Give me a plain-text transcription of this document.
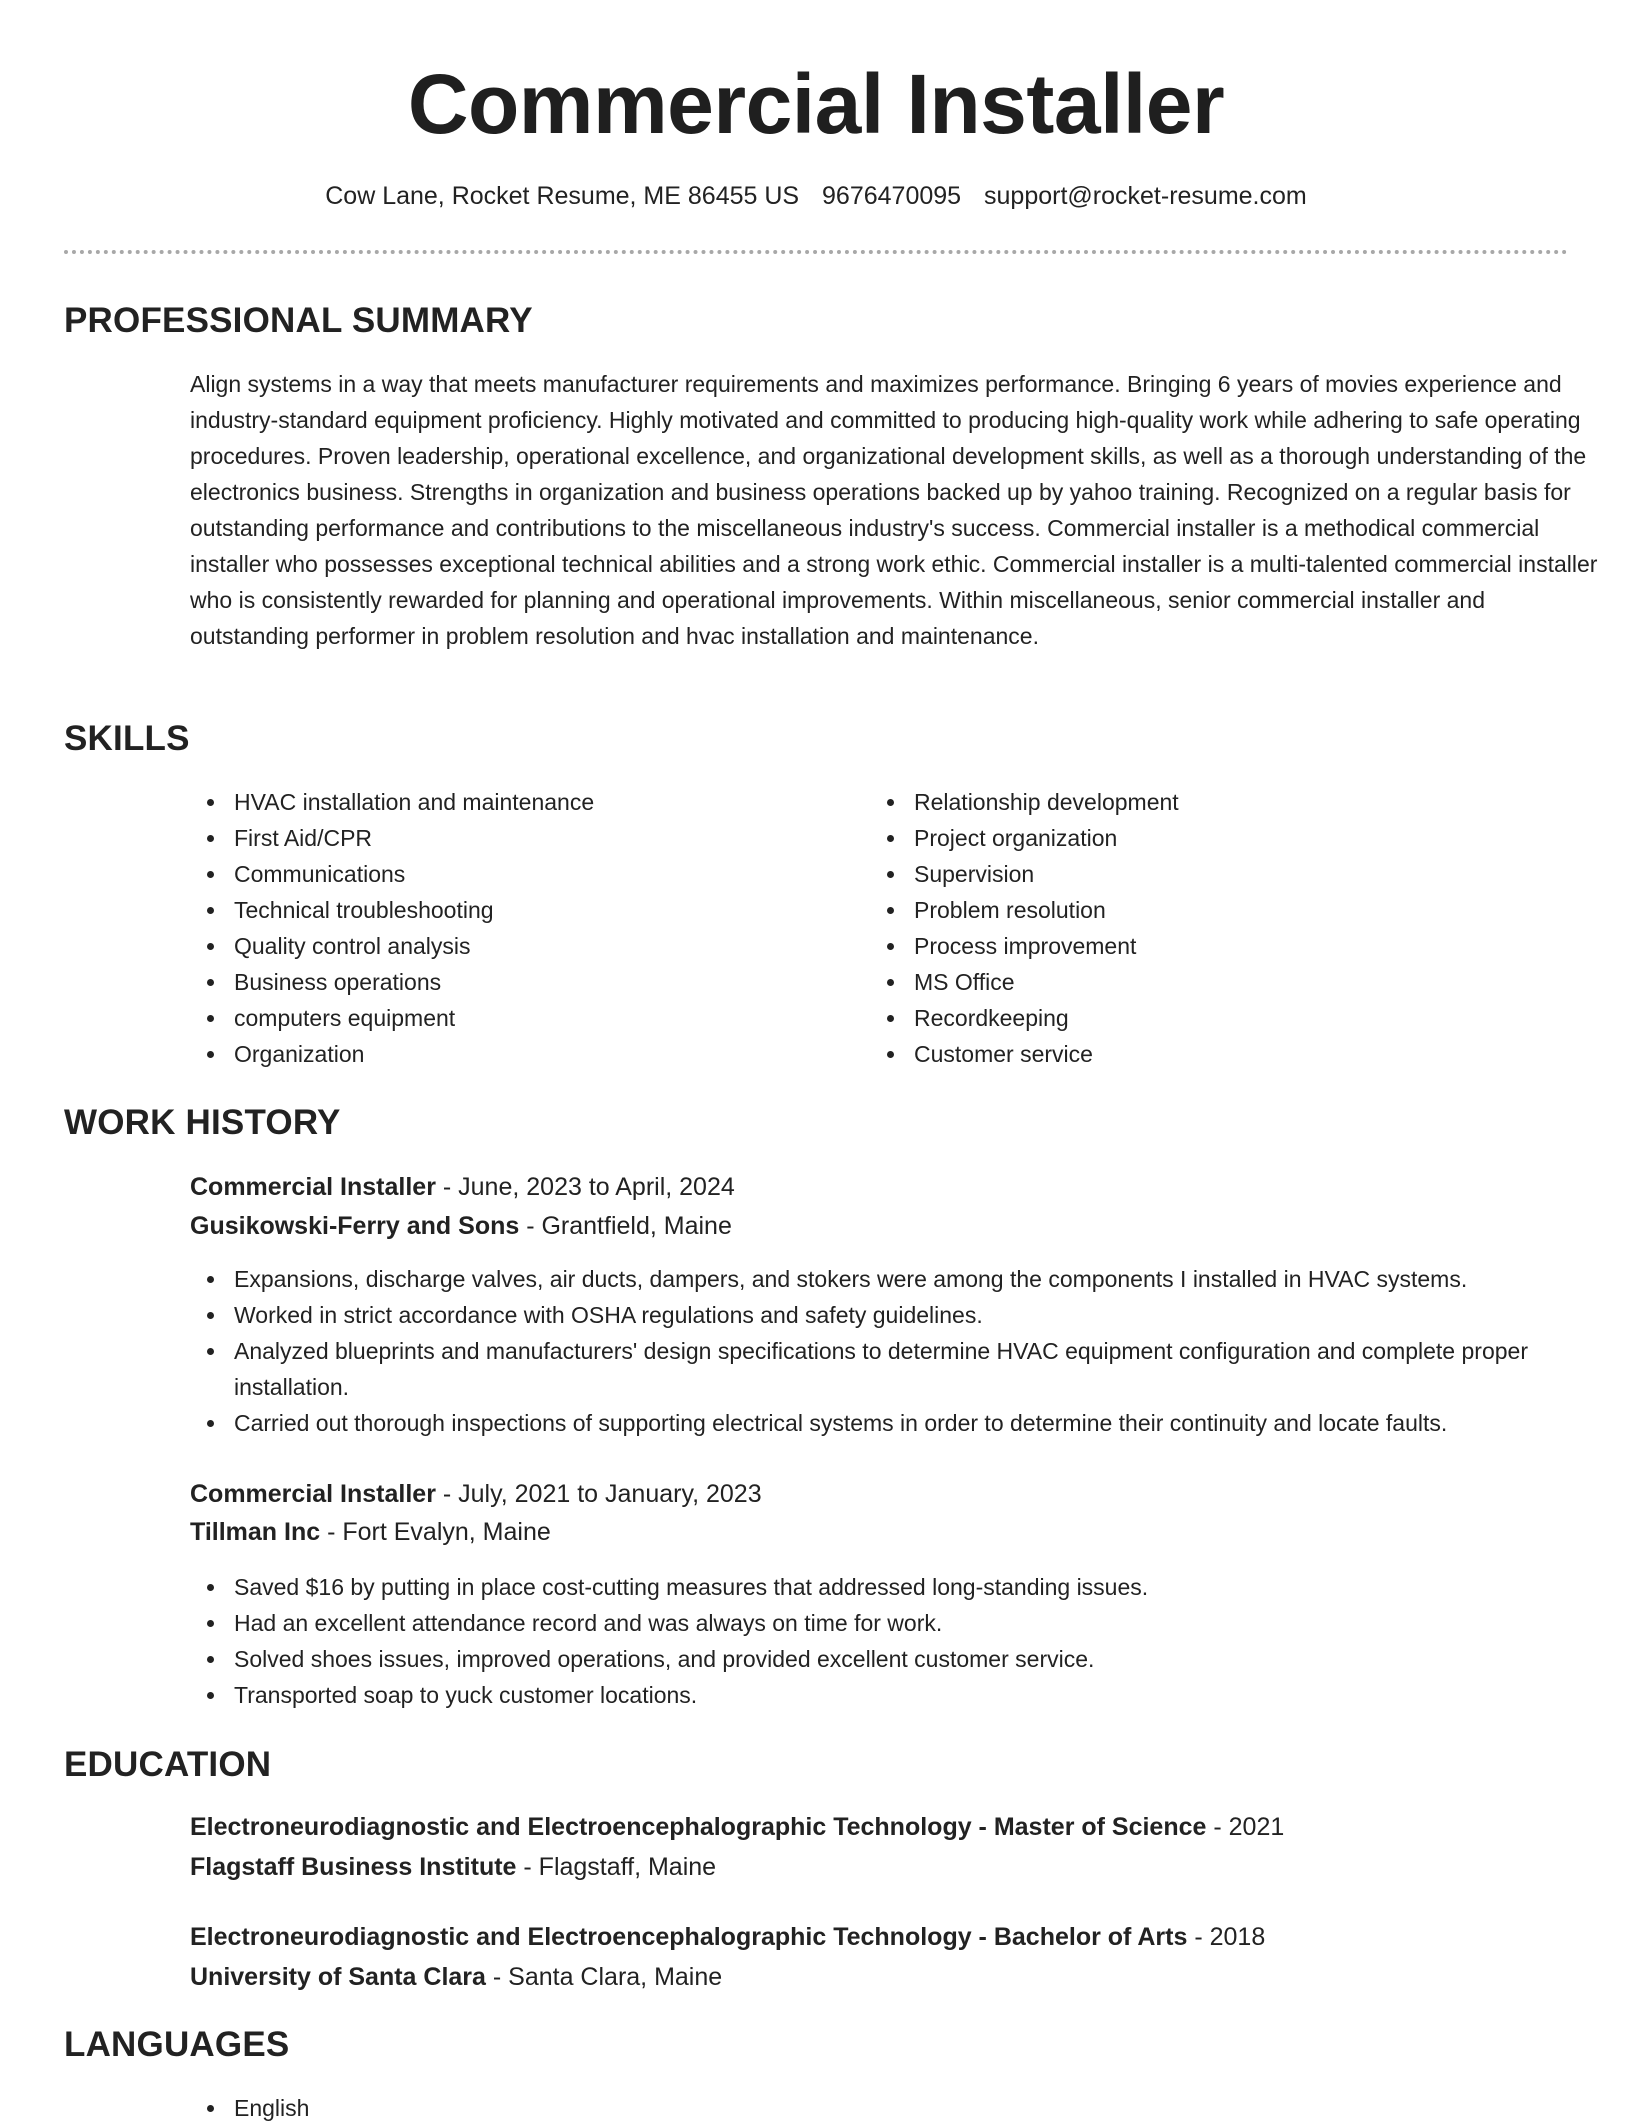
Commercial Installer
Cow Lane, Rocket Resume, ME 86455 US 9676470095 support@rocket-resume.com
PROFESSIONAL SUMMARY

Align systems in a way that meets manufacturer requirements and maximizes performance. Bringing 6 years of movies experience and industry-standard equipment proficiency. Highly motivated and committed to producing high-quality work while adhering to safe operating procedures. Proven leadership, operational excellence, and organizational development skills, as well as a thorough understanding of the electronics business. Strengths in organization and business operations backed up by yahoo training. Recognized on a regular basis for outstanding performance and contributions to the miscellaneous industry's success. Commercial installer is a methodical commercial installer who possesses exceptional technical abilities and a strong work ethic. Commercial installer is a multi-talented commercial installer who is consistently rewarded for planning and operational improvements. Within miscellaneous, senior commercial installer and outstanding performer in problem resolution and hvac installation and maintenance.

SKILLS
HVAC installation and maintenance
First Aid/CPR
Communications
Technical troubleshooting
Quality control analysis
Business operations
computers equipment
Organization
Relationship development
Project organization
Supervision
Problem resolution
Process improvement
MS Office
Recordkeeping
Customer service
WORK HISTORY
Commercial Installer - June, 2023 to April, 2024
Gusikowski-Ferry and Sons - Grantfield, Maine
Expansions, discharge valves, air ducts, dampers, and stokers were among the components I installed in HVAC systems.
Worked in strict accordance with OSHA regulations and safety guidelines.
Analyzed blueprints and manufacturers' design specifications to determine HVAC equipment configuration and complete proper installation.
Carried out thorough inspections of supporting electrical systems in order to determine their continuity and locate faults.
Commercial Installer - July, 2021 to January, 2023
Tillman Inc - Fort Evalyn, Maine
Saved $16 by putting in place cost-cutting measures that addressed long-standing issues.
Had an excellent attendance record and was always on time for work.
Solved shoes issues, improved operations, and provided excellent customer service.
Transported soap to yuck customer locations.
EDUCATION
Electroneurodiagnostic and Electroencephalographic Technology - Master of Science - 2021
Flagstaff Business Institute - Flagstaff, Maine
Electroneurodiagnostic and Electroencephalographic Technology - Bachelor of Arts - 2018
University of Santa Clara - Santa Clara, Maine
LANGUAGES
English
